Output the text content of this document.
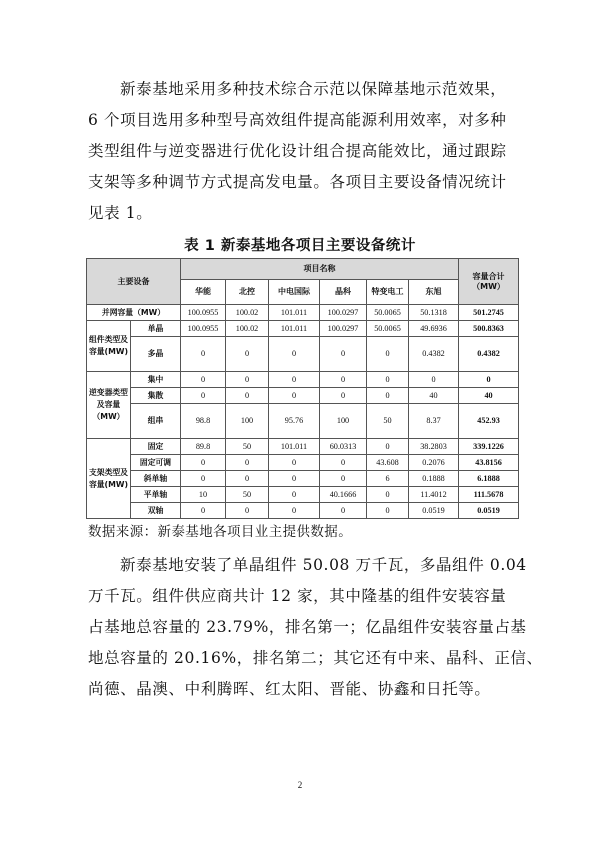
新泰基地采用多种技术综合示范以保障基地示范效果，
6 个项目选用多种型号高效组件提高能源利用效率，对多种
类型组件与逆变器进行优化设计组合提高能效比，通过跟踪
支架等多种调节方式提高发电量。各项目主要设备情况统计
见表 1。
表 1 新泰基地各项目主要设备统计
主要设备		项目名称						容量合计（MW）
		华能	北控	中电国际	晶科	特变电工	东旭	
并网容量（MW）		100.0955	100.02	101.011	100.0297	50.0065	50.1318	501.2745
组件类型及容量(MW)	单晶	100.0955	100.02	101.011	100.0297	50.0065	49.6936	500.8363
	多晶	0	0	0	0	0	0.4382	0.4382
逆变器类型及容量（MW）	集中	0	0	0	0	0	0	0
	集散	0	0	0	0	0	40	40
	组串	98.8	100	95.76	100	50	8.37	452.93
支架类型及容量(MW)	固定	89.8	50	101.011	60.0313	0	38.2803	339.1226
	固定可调	0	0	0	0	43.608	0.2076	43.8156
	斜单轴	0	0	0	0	6	0.1888	6.1888
	平单轴	10	50	0	40.1666	0	11.4012	111.5678
	双轴	0	0	0	0	0	0.0519	0.0519
数据来源：新泰基地各项目业主提供数据。
新泰基地安装了单晶组件 50.08 万千瓦，多晶组件 0.04
万千瓦。组件供应商共计 12 家，其中隆基的组件安装容量
占基地总容量的 23.79%，排名第一；亿晶组件安装容量占基
地总容量的 20.16%，排名第二；其它还有中来、晶科、正信、
尚德、晶澳、中利腾晖、红太阳、晋能、协鑫和日托等。
2
